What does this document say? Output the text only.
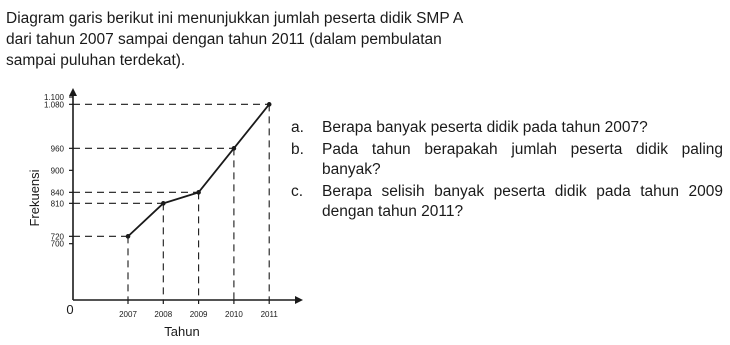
Diagram garis berikut ini menunjukkan jumlah peserta didik SMP A
dari tahun 2007 sampai dengan tahun 2011 (dalam pembulatan
sampai puluhan terdekat).
700
720
810
840
900
960
1.080
1.100
2007 2008 2009 2010 2011
0
Tahun
Frekuensi
a.	Berapa banyak peserta didik pada tahun 2007?
b.	Pada tahun berapakah jumlah peserta didik paling banyak?
c.	Berapa selisih banyak peserta didik pada tahun 2009 dengan tahun 2011?
